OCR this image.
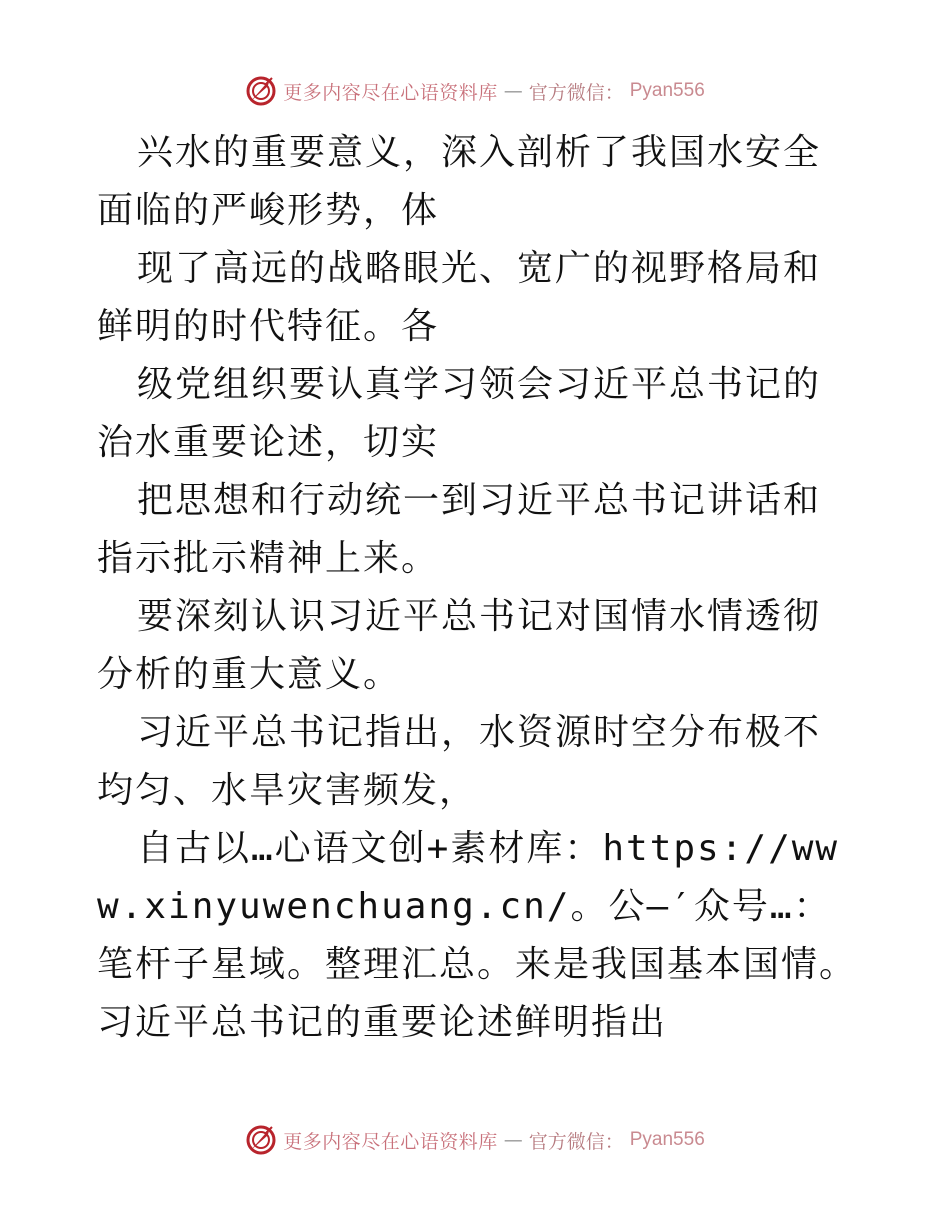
更多内容尽在心语资料库 — 官方微信： Pyan556

兴水的重要意义，深入剖析了我国水安全面临的严峻形势，体

现了高远的战略眼光、宽广的视野格局和鲜明的时代特征。各

级党组织要认真学习领会习近平总书记的治水重要论述，切实

把思想和行动统一到习近平总书记讲话和指示批示精神上来。

要深刻认识习近平总书记对国情水情透彻分析的重大意义。

习近平总书记指出，水资源时空分布极不均匀、水旱灾害频发，

自古以…心语文创+素材库：https://www.xinyuwenchuang.cn/。公—′众号…：笔杆子星域。整理汇总。来是我国基本国情。习近平总书记的重要论述鲜明指出

更多内容尽在心语资料库 — 官方微信： Pyan556
